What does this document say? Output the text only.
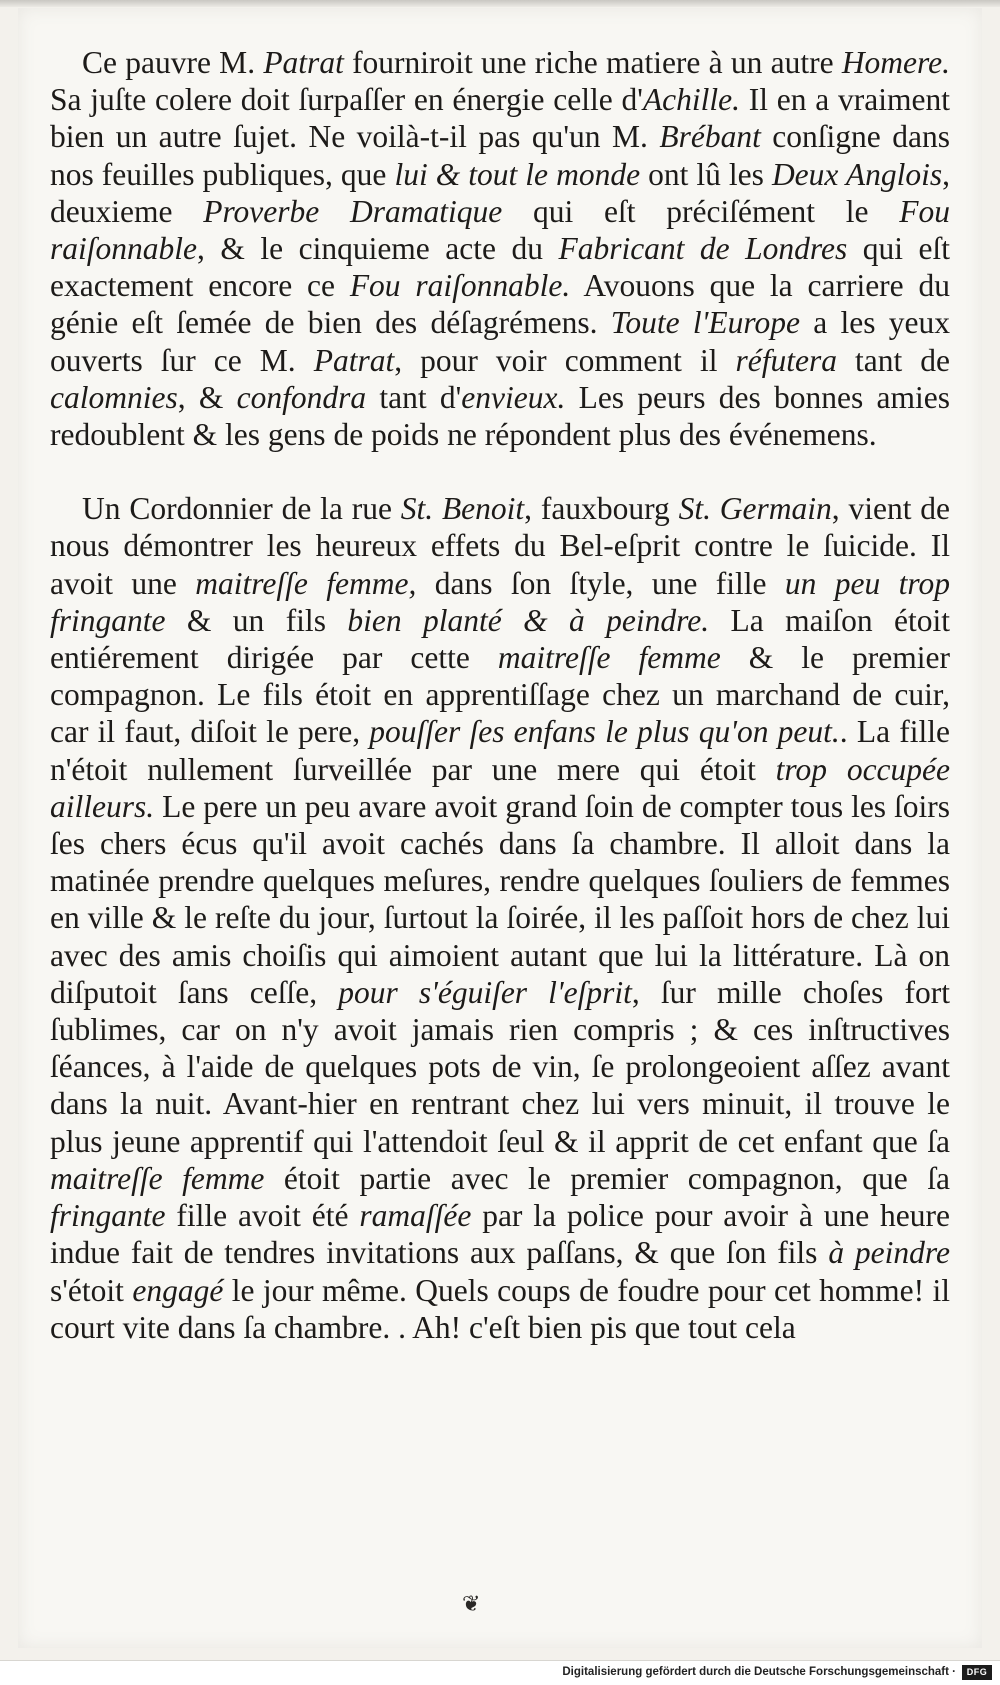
Ce pauvre M. Patrat fourniroit une riche matiere à un autre Homere. Sa juſte colere doit ſurpaſſer en énergie celle d'Achille. Il en a vraiment bien un autre ſujet. Ne voilà-t-il pas qu'un M. Brébant conſigne dans nos feuilles publiques, que lui & tout le monde ont lû les Deux Anglois, deuxieme Proverbe Dramatique qui eſt préciſément le Fou raiſonnable, & le cinquieme acte du Fabricant de Londres qui eſt exactement encore ce Fou raiſonnable. Avouons que la carriere du génie eſt ſemée de bien des déſagrémens. Toute l'Europe a les yeux ouverts ſur ce M. Patrat, pour voir comment il réfutera tant de calomnies, & confondra tant d'envieux. Les peurs des bonnes amies redoublent & les gens de poids ne répondent plus des événemens.

Un Cordonnier de la rue St. Benoit, fauxbourg St. Germain, vient de nous démontrer les heureux effets du Bel-eſprit contre le ſuicide. Il avoit une maitreſſe femme, dans ſon ſtyle, une fille un peu trop fringante & un fils bien planté & à peindre. La maiſon étoit entiérement dirigée par cette maitreſſe femme & le premier compagnon. Le fils étoit en apprentiſſage chez un marchand de cuir, car il faut, diſoit le pere, pouſſer ſes enfans le plus qu'on peut.. La fille n'étoit nullement ſurveillée par une mere qui étoit trop occupée ailleurs. Le pere un peu avare avoit grand ſoin de compter tous les ſoirs ſes chers écus qu'il avoit cachés dans ſa chambre. Il alloit dans la matinée prendre quelques meſures, rendre quelques ſouliers de femmes en ville & le reſte du jour, ſurtout la ſoirée, il les paſſoit hors de chez lui avec des amis choiſis qui aimoient autant que lui la littérature. Là on diſputoit ſans ceſſe, pour s'éguiſer l'eſprit, ſur mille choſes fort ſublimes, car on n'y avoit jamais rien compris ; & ces inſtructives ſéances, à l'aide de quelques pots de vin, ſe prolongeoient aſſez avant dans la nuit. Avant-hier en rentrant chez lui vers minuit, il trouve le plus jeune apprentif qui l'attendoit ſeul & il apprit de cet enfant que ſa maitreſſe femme étoit partie avec le premier compagnon, que ſa fringante fille avoit été ramaſſée par la police pour avoir à une heure indue fait de tendres invitations aux paſſans, & que ſon fils à peindre s'étoit engagé le jour même. Quels coups de foudre pour cet homme! il court vite dans ſa chambre. . Ah! c'eſt bien pis que tout cela

❦
Digitalisierung gefördert durch die Deutsche Forschungsgemeinschaft ·	DFG
